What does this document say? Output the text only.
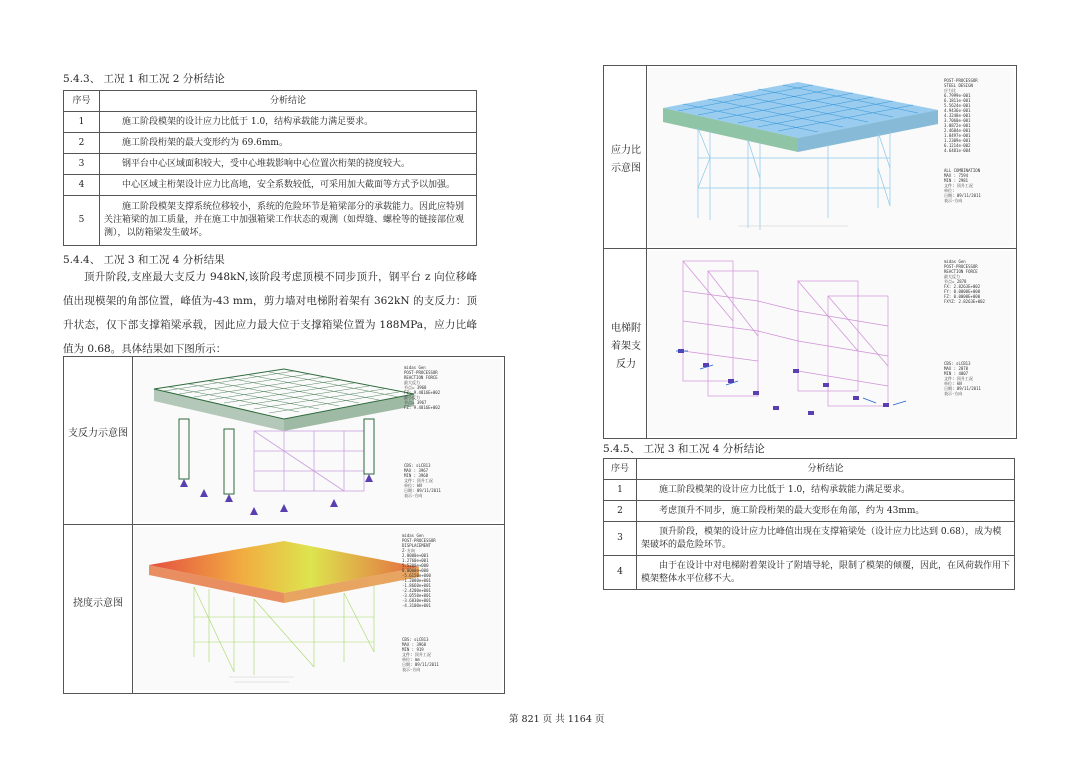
5.4.3、 工况 1 和工况 2 分析结论
序号	分析结论
1	施工阶段模架的设计应力比低于 1.0，结构承载能力满足要求。
2	施工阶段桁架的最大变形约为 69.6mm。
3	钢平台中心区域面积较大，受中心堆载影响中心位置次桁架的挠度较大。
4	中心区域主桁架设计应力比高地，安全系数较低，可采用加大截面等方式予以加强。
5	施工阶段模架支撑系统位移较小，系统的危险环节是箱梁部分的承载能力。因此应特别关注箱梁的加工质量，并在施工中加强箱梁工作状态的观测（如焊缝、螺栓等的链接部位观测），以防箱梁发生破坏。
5.4.4、 工况 3 和工况 4 分析结果

顶升阶段,支座最大支反力 948kN,该阶段考虑顶模不同步顶升，钢平台 z 向位移峰值出现模架的角部位置，峰值为-43 mm，剪力墙对电梯附着架有 362kN 的支反力：顶升状态，仅下部支撑箱梁承载，因此应力最大位于支撑箱梁位置为 188MPa，应力比峰值为 0.68。具体结果如下图所示：

支反力示意图
挠度示意图
midas Gen
POST-PROCESSOR
REACTION FORCE
最大反力
节点= 3968
FZ: 9.4816E+002
最小反力
节点= 3967
FZ: 9.4816E+002
CBS: sLCB13
MAX : 3967
MIN : 3968
文件: 顶升工况
单位: kN
日期: 09/11/2011
表示-方向
midas Gen
POST-PROCESSOR
DISPLACEMENT
Z-方向
2.0000e+001
1.2760e+001
5.5200e+000
0.0000e+000
-5.6150e+000
-1.2080e+001
-1.8660e+001
-2.4200e+001
-3.0550e+001
-3.6830e+001
-4.3100e+001
CBS: sLCB13
MAX : 3968
MIN : 919
文件: 顶升工况
单位: mm
日期: 09/11/2011
表示-方向
应力比示意图
电梯附着架支反力
POST-PROCESSOR
STEEL DESIGN
应力比
6.7999e-001
6.1811e-001
5.5624e-001
4.9436e-001
4.3248e-001
3.7060e-001
3.0872e-001
2.4684e-001
1.8497e-001
1.2309e-001
6.1214e-002
4.6481e-004
ALL COMBINATION
MAX : 7594
MIN : 2981
文件: 顶升工况
单位:
日期: 09/11/2011
表示-方向
midas Gen
POST-PROCESSOR
REACTION FORCE
最大反力
节点= 2878
FX: 2.8263E+002
FY: 0.0000E+000
FZ: 0.0000E+000
FXYZ: 2.8263E+002
CBS: sLCB13
MAX : 2878
MIN : 4007
文件: 顶升工况
单位: kN
日期: 09/11/2011
表示-方向
5.4.5、 工况 3 和工况 4 分析结论
序号	分析结论
1	施工阶段模架的设计应力比低于 1.0，结构承载能力满足要求。
2	考虑顶升不同步，施工阶段桁架的最大变形在角部，约为 43mm。
3	顶升阶段，模架的设计应力比峰值出现在支撑箱梁处（设计应力比达到 0.68），成为模架破坏的最危险环节。
4	由于在设计中对电梯附着架设计了附墙导轮，限制了模架的倾覆，因此，在风荷载作用下模架整体水平位移不大。
第 821 页 共 1164 页
